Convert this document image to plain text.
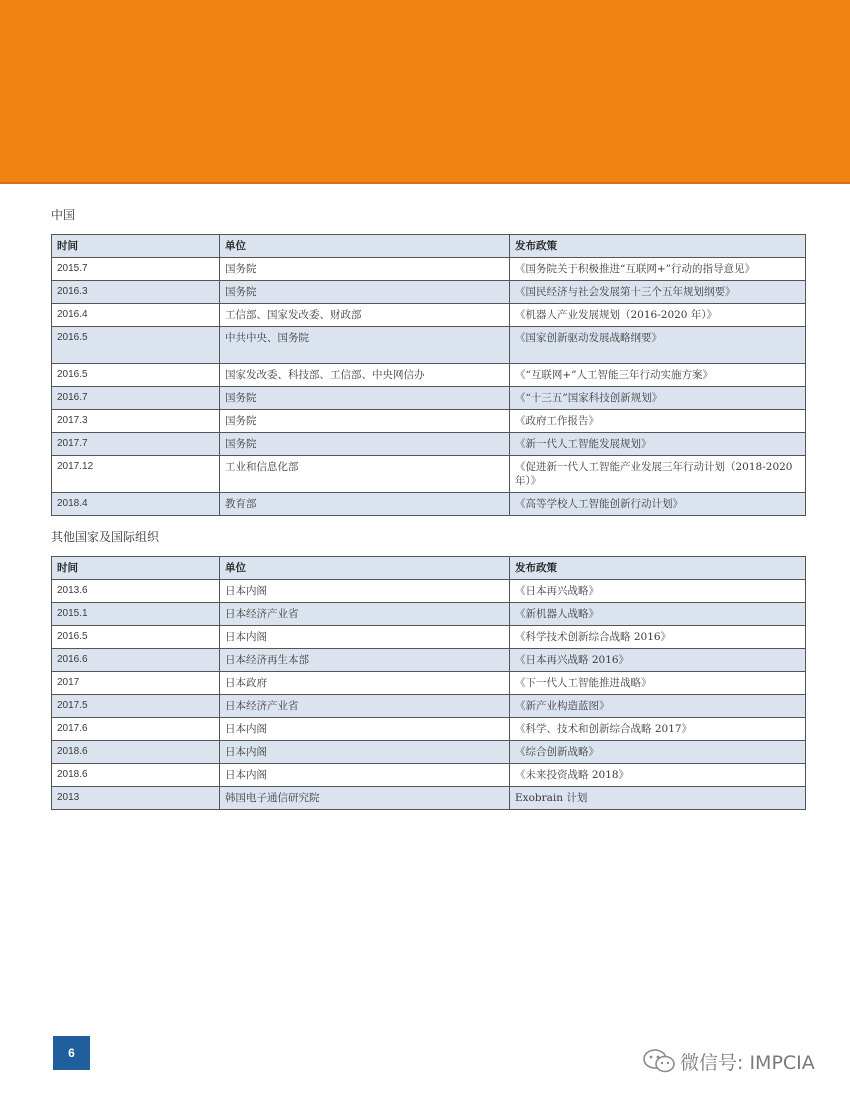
中国
时间	单位	发布政策
2015.7	国务院	《国务院关于积极推进“互联网+”行动的指导意见》
2016.3	国务院	《国民经济与社会发展第十三个五年规划纲要》
2016.4	工信部、国家发改委、财政部	《机器人产业发展规划（2016-2020 年）》
2016.5	中共中央、国务院	《国家创新驱动发展战略纲要》
2016.5	国家发改委、科技部、工信部、中央网信办	《“互联网+”人工智能三年行动实施方案》
2016.7	国务院	《“十三五”国家科技创新规划》
2017.3	国务院	《政府工作报告》
2017.7	国务院	《新一代人工智能发展规划》
2017.12	工业和信息化部	《促进新一代人工智能产业发展三年行动计划（2018-2020 年）》
2018.4	教育部	《高等学校人工智能创新行动计划》
其他国家及国际组织
时间	单位	发布政策
2013.6	日本内阁	《日本再兴战略》
2015.1	日本经济产业省	《新机器人战略》
2016.5	日本内阁	《科学技术创新综合战略 2016》
2016.6	日本经济再生本部	《日本再兴战略 2016》
2017	日本政府	《下一代人工智能推进战略》
2017.5	日本经济产业省	《新产业构造蓝图》
2017.6	日本内阁	《科学、技术和创新综合战略 2017》
2018.6	日本内阁	《综合创新战略》
2018.6	日本内阁	《未来投资战略 2018》
2013	韩国电子通信研究院	Exobrain 计划
6	微信号: IMPCIA
